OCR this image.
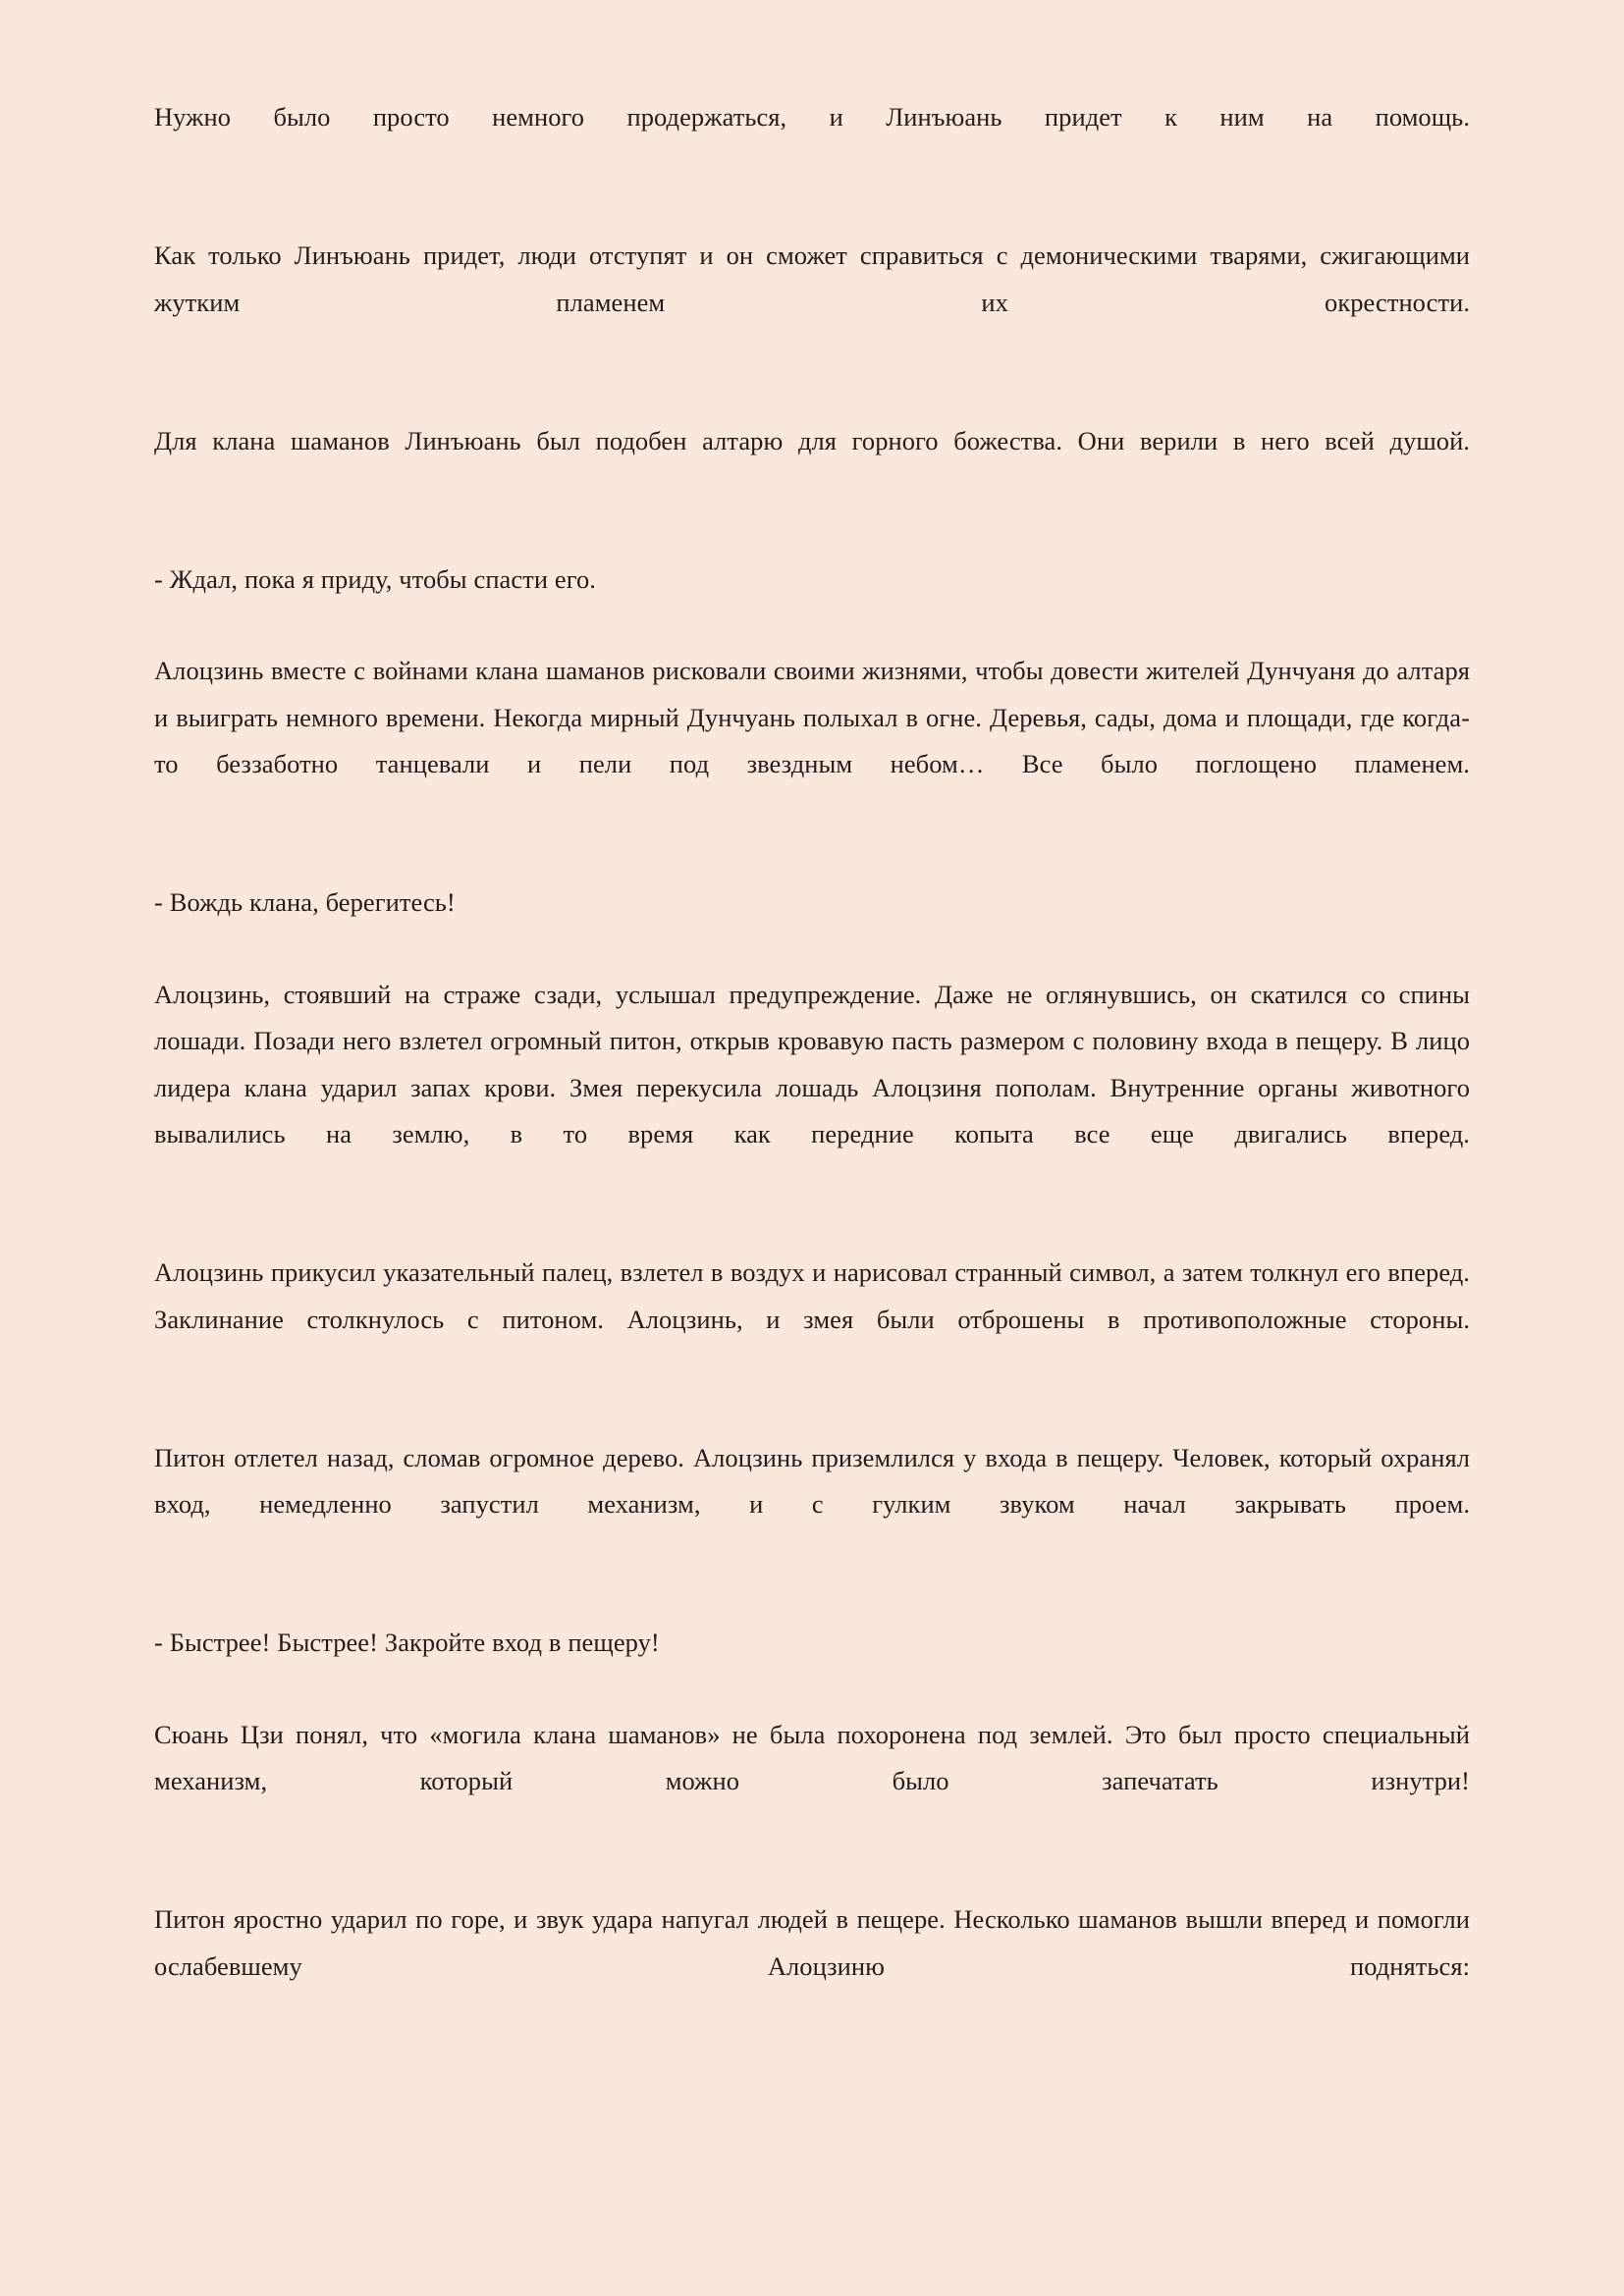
Нужно было просто немного продержаться, и Линъюань придет к ним на помощь.

Как только Линъюань придет, люди отступят и он сможет справиться с демоническими тварями, сжигающими жутким пламенем их окрестности.

Для клана шаманов Линъюань был подобен алтарю для горного божества. Они верили в него всей душой.

- Ждал, пока я приду, чтобы спасти его.

Алоцзинь вместе с войнами клана шаманов рисковали своими жизнями, чтобы довести жителей Дунчуаня до алтаря и выиграть немного времени. Некогда мирный Дунчуань полыхал в огне. Деревья, сады, дома и площади, где когда-то беззаботно танцевали и пели под звездным небом… Все было поглощено пламенем.

- Вождь клана, берегитесь!

Алоцзинь, стоявший на страже сзади, услышал предупреждение. Даже не оглянувшись, он скатился со спины лошади. Позади него взлетел огромный питон, открыв кровавую пасть размером с половину входа в пещеру. В лицо лидера клана ударил запах крови. Змея перекусила лошадь Алоцзиня пополам. Внутренние органы животного вывалились на землю, в то время как передние копыта все еще двигались вперед.

Алоцзинь прикусил указательный палец, взлетел в воздух и нарисовал странный символ, а затем толкнул его вперед. Заклинание столкнулось с питоном. Алоцзинь, и змея были отброшены в противоположные стороны.

Питон отлетел назад, сломав огромное дерево. Алоцзинь приземлился у входа в пещеру. Человек, который охранял вход, немедленно запустил механизм, и с гулким звуком начал закрывать проем.

- Быстрее! Быстрее! Закройте вход в пещеру!

Сюань Цзи понял, что «могила клана шаманов» не была похоронена под землей. Это был просто специальный механизм, который можно было запечатать изнутри!

Питон яростно ударил по горе, и звук удара напугал людей в пещере. Несколько шаманов вышли вперед и помогли ослабевшему Алоцзиню подняться:
